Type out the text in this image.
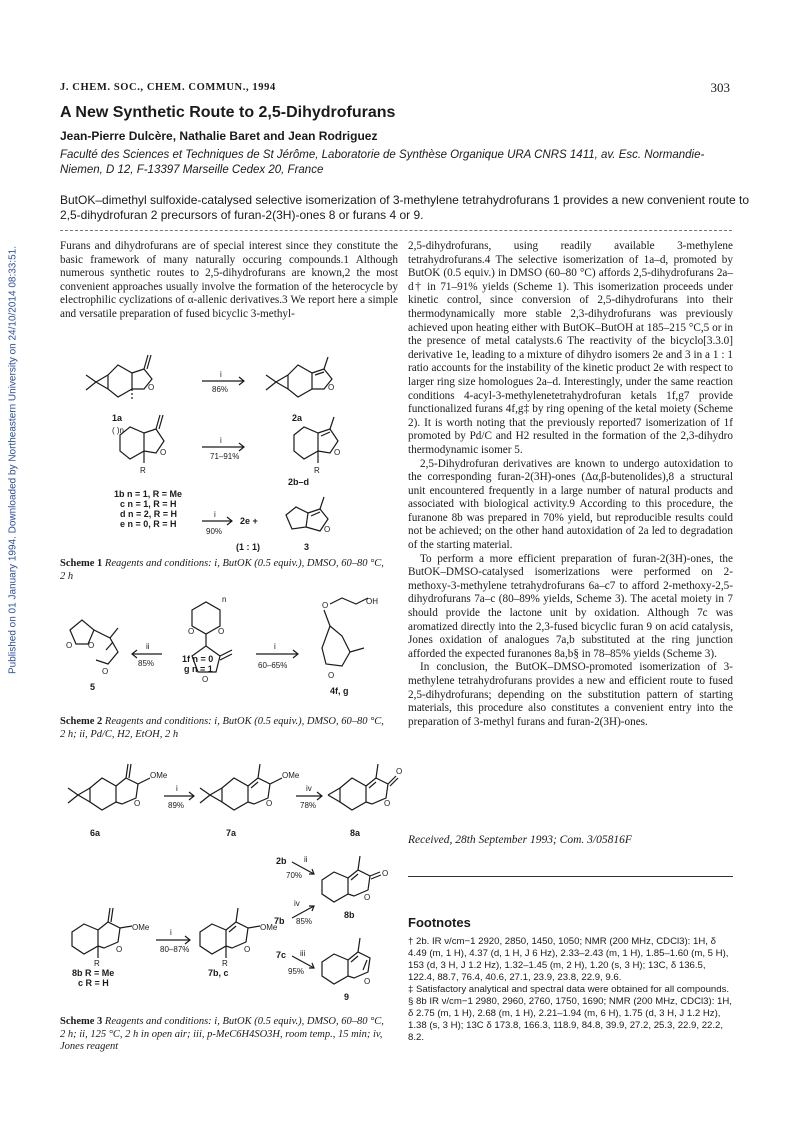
Published on 01 January 1994. Downloaded by Northeastern University on 24/10/2014 08:33:51.
J. CHEM. SOC., CHEM. COMMUN., 1994	303
A New Synthetic Route to 2,5-Dihydrofurans
Jean-Pierre Dulcère, Nathalie Baret and Jean Rodriguez
Faculté des Sciences et Techniques de St Jérôme, Laboratorie de Synthèse Organique URA CNRS 1411, av. Esc. Normandie-Niemen, D 12, F-13397 Marseille Cedex 20, France
ButOK–dimethyl sulfoxide-catalysed selective isomerization of 3-methylene tetrahydrofurans 1 provides a new convenient route to 2,5-dihydrofuran 2 precursors of furan-2(3H)-ones 8 or furans 4 or 9.

Furans and dihydrofurans are of special interest since they constitute the basic framework of many naturally occuring compounds.1 Although numerous synthetic routes to 2,5-dihydrofurans are known,2 the most convenient approaches usually involve the formation of the heterocycle by electrophilic cyclizations of α-allenic derivatives.3 We report here a simple and versatile preparation of fused bicyclic 3-methyl-

O
1a
i
86%	O
2a
O
( )n
R
i
71–91%	O
R
2b–d
1b n = 1, R = Me
c n = 1, R = H
d n = 2, R = H
e n = 0, R = H
i
90%
2e +
O
(1 : 1)	3
Scheme 1 Reagents and conditions: i, ButOK (0.5 equiv.), DMSO, 60–80 °C, 2 h
O O
O
5
ii
85%
O	O
O
n
1f n = 0
g n = 1
i
60–65%
O
O
OH
4f, g
Scheme 2 Reagents and conditions: i, ButOK (0.5 equiv.), DMSO, 60–80 °C, 2 h; ii, Pd/C, H2, EtOH, 2 h
O
OMe
6a
i
89%	O
OMe
7a
iv
78%	O
O
8a
2b ii
70%
O
O
8b
iv
7b 85%
O
OMe
R
8b R = Me
c R = H
i
80–87%	O
OMe
R
7b, c
7c iii
95%
O
9
Scheme 3 Reagents and conditions: i, ButOK (0.5 equiv.), DMSO, 60–80 °C, 2 h; ii, 125 °C, 2 h in open air; iii, p-MeC6H4SO3H, room temp., 15 min; iv, Jones reagent

2,5-dihydrofurans, using readily available 3-methylene tetrahydrofurans.4 The selective isomerization of 1a–d, promoted by ButOK (0.5 equiv.) in DMSO (60–80 °C) affords 2,5-dihydrofurans 2a–d† in 71–91% yields (Scheme 1). This isomerization proceeds under kinetic control, since conversion of 2,5-dihydrofurans into their thermodynamically more stable 2,3-dihydrofurans was previously achieved upon heating either with ButOK–ButOH at 185–215 °C,5 or in the presence of metal catalysts.6 The reactivity of the bicyclo[3.3.0] derivative 1e, leading to a mixture of dihydro isomers 2e and 3 in a 1 : 1 ratio accounts for the instability of the kinetic product 2e with respect to larger ring size homologues 2a–d. Interestingly, under the same reaction conditions 4-acyl-3-methylenetetrahydrofuran ketals 1f,g7 provide functionalized furans 4f,g‡ by ring opening of the ketal moiety (Scheme 2). It is worth noting that the previously reported7 isomerization of 1f promoted by Pd/C and H2 resulted in the formation of the 2,3-dihydro thermodynamic isomer 5.

2,5-Dihydrofuran derivatives are known to undergo autoxidation to the corresponding furan-2(3H)-ones (Δα,β-butenolides),8 a structural unit encountered frequently in a large number of natural products and associated with biological activity.9 According to this procedure, the furanone 8b was prepared in 70% yield, but reproducible results could not be achieved; on the other hand autoxidation of 2a led to degradation of the starting material.

To perform a more efficient preparation of furan-2(3H)-ones, the ButOK–DMSO-catalysed isomerizations were performed on 2-methoxy-3-methylene tetrahydrofurans 6a–c7 to afford 2-methoxy-2,5-dihydrofurans 7a–c (80–89% yields, Scheme 3). The acetal moiety in 7 should provide the lactone unit by oxidation. Although 7c was aromatized directly into the 2,3-fused bicyclic furan 9 on acid catalysis, Jones oxidation of analogues 7a,b substituted at the ring junction afforded the expected furanones 8a,b§ in 78–85% yields (Scheme 3).

In conclusion, the ButOK–DMSO-promoted isomerization of 3-methylene tetrahydrofurans provides a new and efficient route to fused 2,5-dihydrofurans; depending on the substitution pattern of starting materials, this procedure also constitutes a convenient entry into the preparation of 3-methyl furans and furan-2(3H)-ones.

Received, 28th September 1993; Com. 3/05816F
Footnotes

† 2b. IR ν/cm−1 2920, 2850, 1450, 1050; NMR (200 MHz, CDCl3): 1H, δ 4.49 (m, 1 H), 4.37 (d, 1 H, J 6 Hz), 2.33–2.43 (m, 1 H), 1.85–1.60 (m, 5 H), 153 (d, 3 H, J 1.2 Hz), 1.32–1.45 (m, 2 H), 1.20 (s, 3 H); 13C, δ 136.5, 122.4, 88.7, 76.4, 40.6, 27.1, 23.9, 23.8, 22.9, 9.6.

‡ Satisfactory analytical and spectral data were obtained for all compounds.

§ 8b IR ν/cm−1 2980, 2960, 2760, 1750, 1690; NMR (200 MHz, CDCl3): 1H, δ 2.75 (m, 1 H), 2.68 (m, 1 H), 2.21–1.94 (m, 6 H), 1.75 (d, 3 H, J 1.2 Hz), 1.38 (s, 3 H); 13C δ 173.8, 166.3, 118.9, 84.8, 39.9, 27.2, 25.3, 22.9, 22.2, 8.2.
